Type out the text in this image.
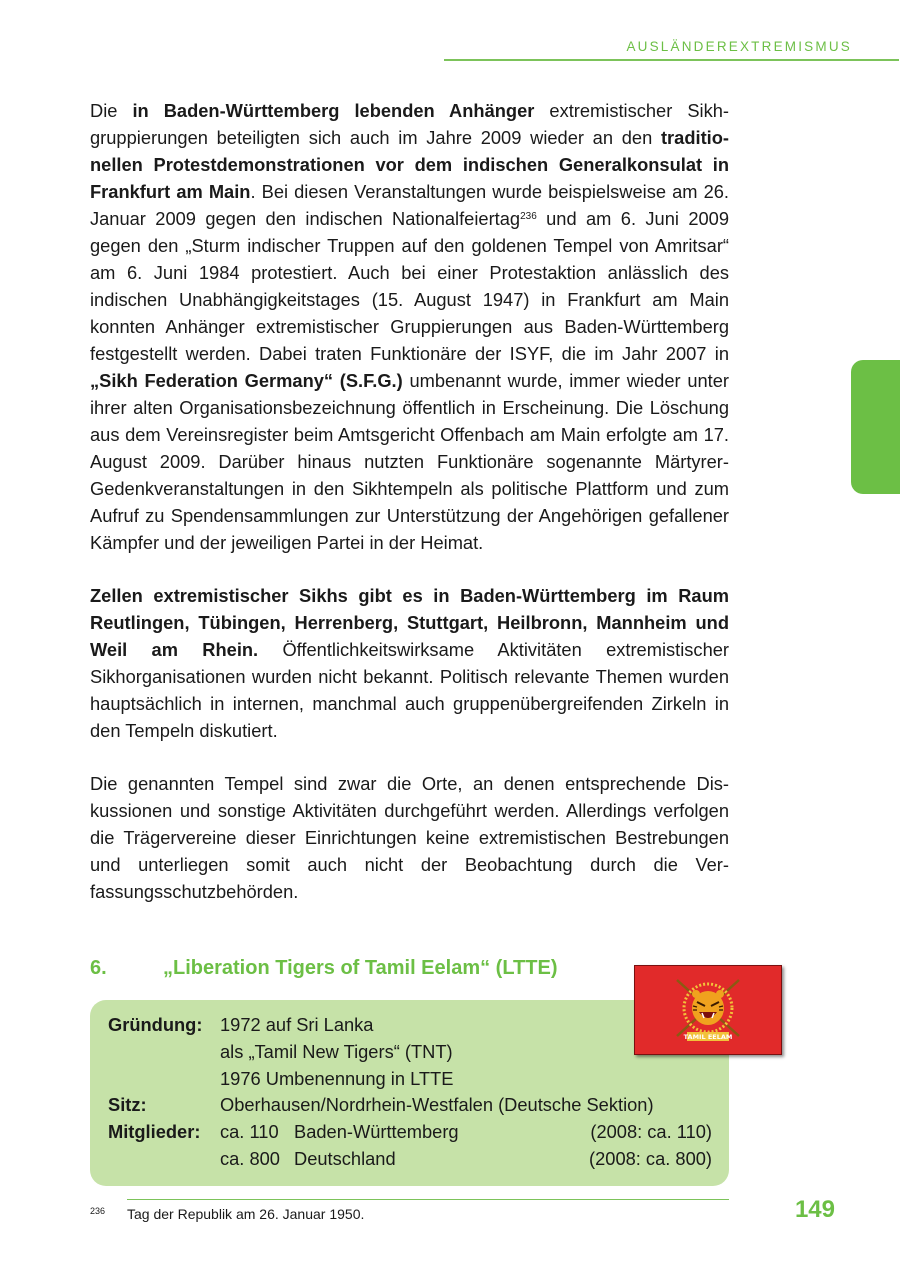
AUSLÄNDEREXTREMISMUS

Die in Baden-Württemberg lebenden Anhänger extremistischer Sikhgruppierungen beteiligten sich auch im Jahre 2009 wieder an den traditionellen Protestdemonstrationen vor dem indischen Generalkonsulat in Frankfurt am Main. Bei diesen Veranstaltungen wurde beispielsweise am 26. Januar 2009 gegen den indischen Nationalfeiertag$^{236}$ und am 6. Juni 2009 gegen den „Sturm indischer Truppen auf den goldenen Tempel von Amritsar“ am 6. Juni 1984 protestiert. Auch bei einer Protestaktion anlässlich des indischen Unabhängigkeitstages (15. August 1947) in Frankfurt am Main konnten Anhänger extremistischer Gruppierungen aus Baden-Württemberg festgestellt werden. Dabei traten Funktionäre der ISYF, die im Jahr 2007 in „Sikh Federation Germany“ (S.F.G.) umbenannt wurde, immer wieder unter ihrer alten Organisationsbezeichnung öffentlich in Erscheinung. Die Löschung aus dem Vereinsregister beim Amtsgericht Offenbach am Main erfolgte am 17. August 2009. Darüber hinaus nutzten Funktionäre sogenannte Märtyrer-Gedenkveranstaltungen in den Sikhtempeln als politische Plattform und zum Aufruf zu Spendensammlungen zur Unterstützung der Angehörigen gefallener Kämpfer und der jeweiligen Partei in der Heimat.

Zellen extremistischer Sikhs gibt es in Baden-Württemberg im Raum Reutlingen, Tübingen, Herrenberg, Stuttgart, Heilbronn, Mannheim und Weil am Rhein. Öffentlichkeitswirksame Aktivitäten extremistischer Sikhorganisationen wurden nicht bekannt. Politisch relevante Themen wurden hauptsächlich in internen, manchmal auch gruppenübergreifenden Zirkeln in den Tempeln diskutiert.

Die genannten Tempel sind zwar die Orte, an denen entsprechende Diskussionen und sonstige Aktivitäten durchgeführt werden. Allerdings verfolgen die Trägervereine dieser Einrichtungen keine extremistischen Bestrebungen und unterliegen somit auch nicht der Beobachtung durch die Verfassungsschutzbehörden.

6.	„Liberation Tigers of Tamil Eelam“ (LTTE)
Gründung:	1972 auf Sri Lanka		
	als „Tamil New Tigers“ (TNT)		
	1976 Umbenennung in LTTE		
Sitz:	Oberhausen/Nordrhein-Westfalen (Deutsche Sektion)		
Mitglieder:	ca. 110	Baden-Württemberg	(2008: ca. 110)
	ca. 800	Deutschland	(2008: ca. 800)
TAMIL EELAM
236 Tag der Republik am 26. Januar 1950.	149
